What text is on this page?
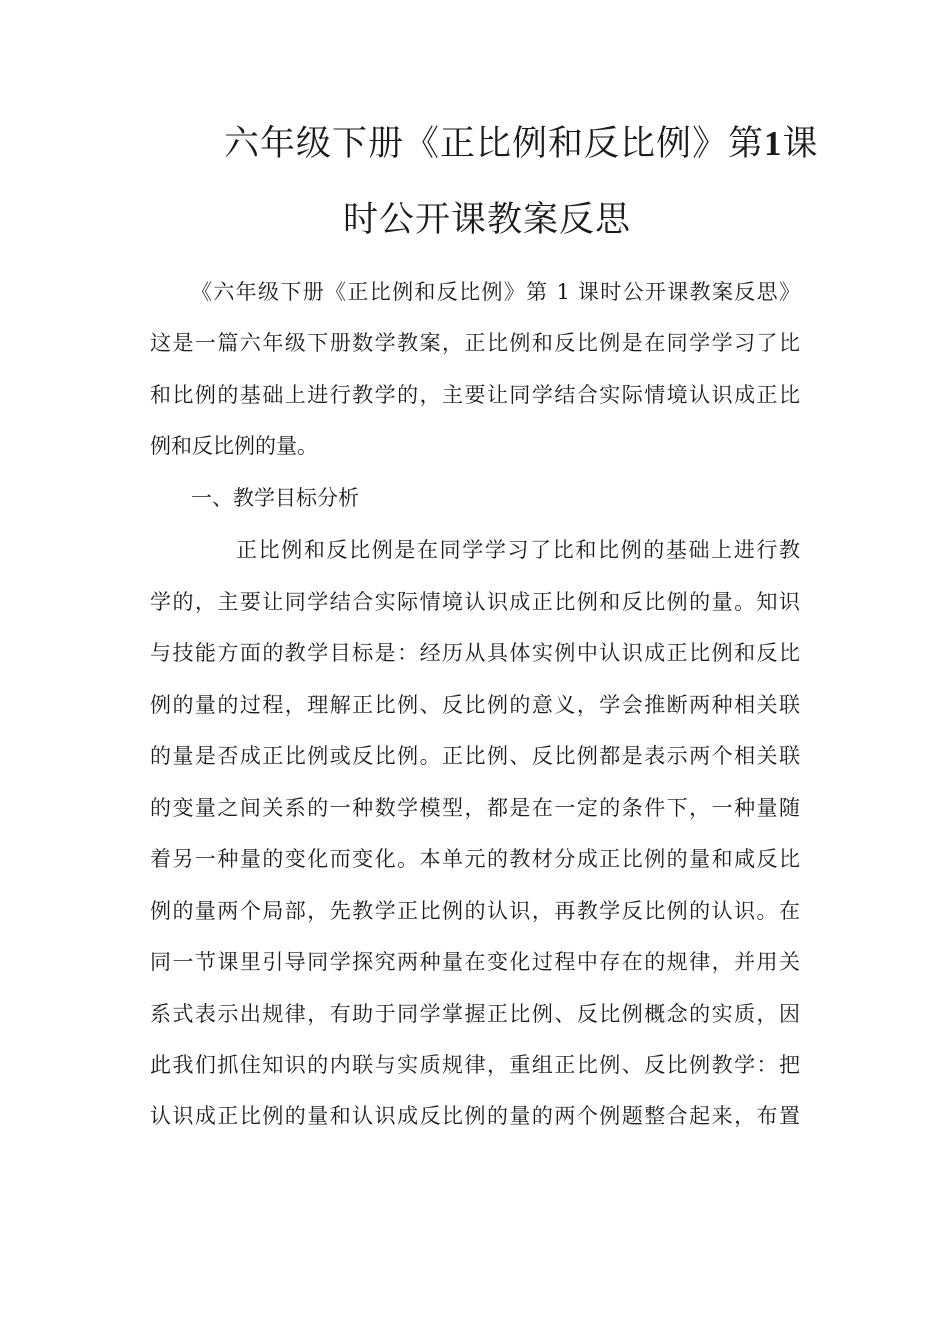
六年级下册《正比例和反比例》第1课
时公开课教案反思
《六年级下册《正比例和反比例》第 1 课时公开课教案反思》
这是一篇六年级下册数学教案，正比例和反比例是在同学学习了比
和比例的基础上进行教学的，主要让同学结合实际情境认识成正比
例和反比例的量。
一、教学目标分析
正比例和反比例是在同学学习了比和比例的基础上进行教
学的，主要让同学结合实际情境认识成正比例和反比例的量。知识
与技能方面的教学目标是：经历从具体实例中认识成正比例和反比
例的量的过程，理解正比例、反比例的意义，学会推断两种相关联
的量是否成正比例或反比例。正比例、反比例都是表示两个相关联
的变量之间关系的一种数学模型，都是在一定的条件下，一种量随
着另一种量的变化而变化。本单元的教材分成正比例的量和咸反比
例的量两个局部，先教学正比例的认识，再教学反比例的认识。在
同一节课里引导同学探究两种量在变化过程中存在的规律，并用关
系式表示出规律，有助于同学掌握正比例、反比例概念的实质，因
此我们抓住知识的内联与实质规律，重组正比例、反比例教学：把
认识成正比例的量和认识成反比例的量的两个例题整合起来，布置
